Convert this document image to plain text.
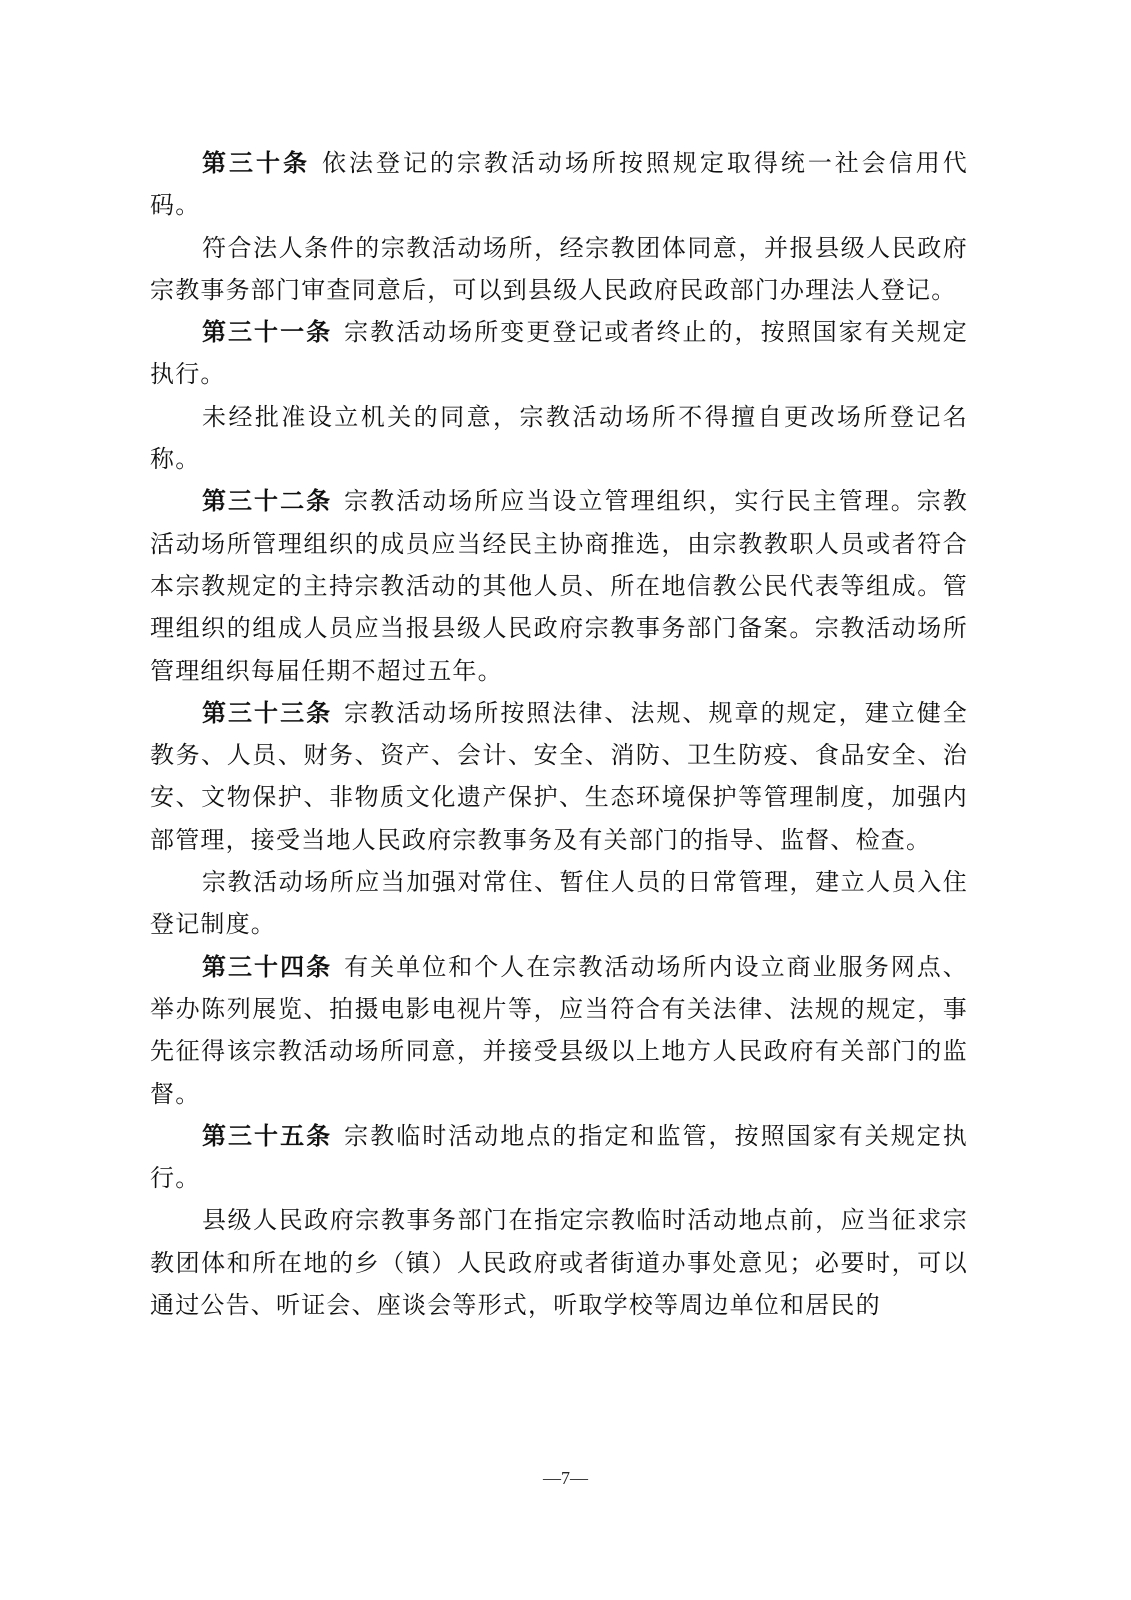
第三十条 依法登记的宗教活动场所按照规定取得统一社会信用代码。

符合法人条件的宗教活动场所，经宗教团体同意，并报县级人民政府宗教事务部门审查同意后，可以到县级人民政府民政部门办理法人登记。

第三十一条 宗教活动场所变更登记或者终止的，按照国家有关规定执行。

未经批准设立机关的同意，宗教活动场所不得擅自更改场所登记名称。

第三十二条 宗教活动场所应当设立管理组织，实行民主管理。宗教活动场所管理组织的成员应当经民主协商推选，由宗教教职人员或者符合本宗教规定的主持宗教活动的其他人员、所在地信教公民代表等组成。管理组织的组成人员应当报县级人民政府宗教事务部门备案。宗教活动场所管理组织每届任期不超过五年。

第三十三条 宗教活动场所按照法律、法规、规章的规定，建立健全教务、人员、财务、资产、会计、安全、消防、卫生防疫、食品安全、治安、文物保护、非物质文化遗产保护、生态环境保护等管理制度，加强内部管理，接受当地人民政府宗教事务及有关部门的指导、监督、检查。

宗教活动场所应当加强对常住、暂住人员的日常管理，建立人员入住登记制度。

第三十四条 有关单位和个人在宗教活动场所内设立商业服务网点、举办陈列展览、拍摄电影电视片等，应当符合有关法律、法规的规定，事先征得该宗教活动场所同意，并接受县级以上地方人民政府有关部门的监督。

第三十五条 宗教临时活动地点的指定和监管，按照国家有关规定执行。

县级人民政府宗教事务部门在指定宗教临时活动地点前，应当征求宗教团体和所在地的乡（镇）人民政府或者街道办事处意见；必要时，可以通过公告、听证会、座谈会等形式，听取学校等周边单位和居民的

—7—
